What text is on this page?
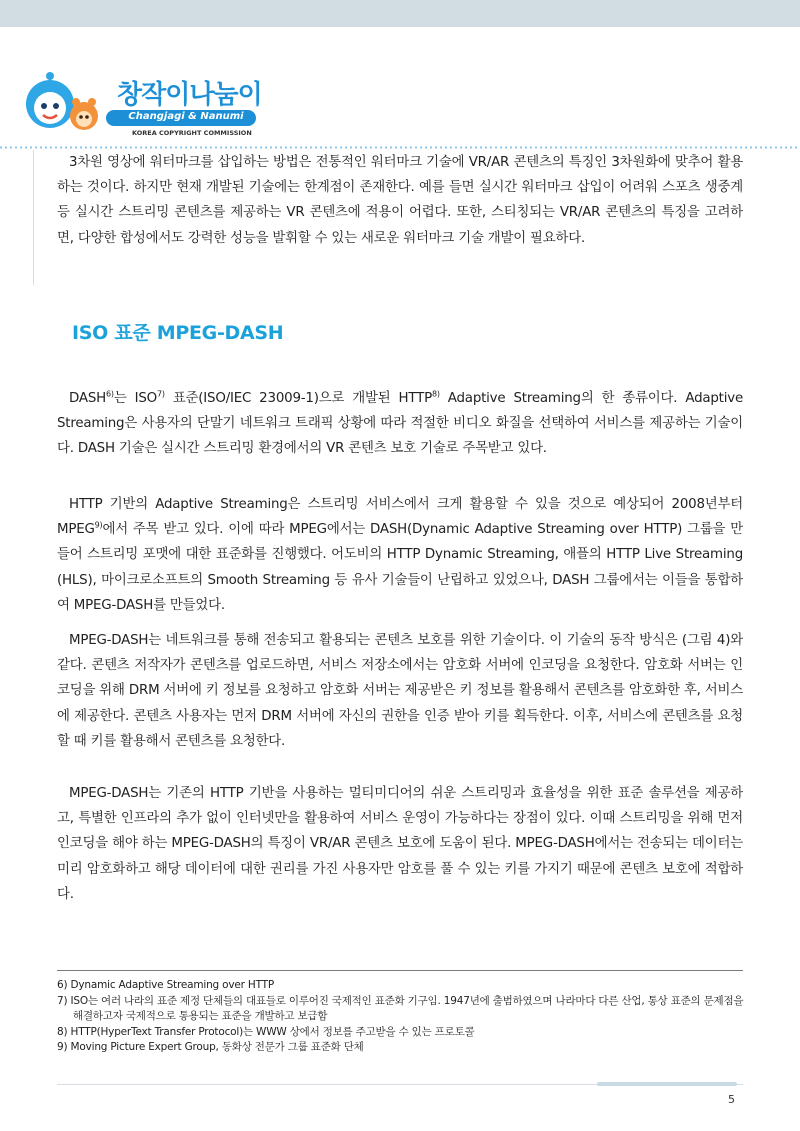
창작이나눔이
Changjagi & Nanumi
KOREA COPYRIGHT COMMISSION

3차원 영상에 워터마크를 삽입하는 방법은 전통적인 워터마크 기술에 VR/AR 콘텐츠의 특징인 3차원화에 맞추어 활용하는 것이다. 하지만 현재 개발된 기술에는 한계점이 존재한다. 예를 들면 실시간 워터마크 삽입이 어려워 스포츠 생중계 등 실시간 스트리밍 콘텐츠를 제공하는 VR 콘텐츠에 적용이 어렵다. 또한, 스티칭되는 VR/AR 콘텐츠의 특징을 고려하면, 다양한 합성에서도 강력한 성능을 발휘할 수 있는 새로운 워터마크 기술 개발이 필요하다.

ISO 표준 MPEG-DASH

DASH$^{6)}$는 ISO$^{7)}$ 표준(ISO/IEC 23009-1)으로 개발된 HTTP$^{8)}$ Adaptive Streaming의 한 종류이다. Adaptive Streaming은 사용자의 단말기 네트워크 트래픽 상황에 따라 적절한 비디오 화질을 선택하여 서비스를 제공하는 기술이다. DASH 기술은 실시간 스트리밍 환경에서의 VR 콘텐츠 보호 기술로 주목받고 있다.

HTTP 기반의 Adaptive Streaming은 스트리밍 서비스에서 크게 활용할 수 있을 것으로 예상되어 2008년부터 MPEG$^{9)}$에서 주목 받고 있다. 이에 따라 MPEG에서는 DASH(Dynamic Adaptive Streaming over HTTP) 그룹을 만들어 스트리밍 포맷에 대한 표준화를 진행했다. 어도비의 HTTP Dynamic Streaming, 애플의 HTTP Live Streaming (HLS), 마이크로소프트의 Smooth Streaming 등 유사 기술들이 난립하고 있었으나, DASH 그룹에서는 이들을 통합하여 MPEG-DASH를 만들었다.

MPEG-DASH는 네트워크를 통해 전송되고 활용되는 콘텐츠 보호를 위한 기술이다. 이 기술의 동작 방식은 (그림 4)와 같다. 콘텐츠 저작자가 콘텐츠를 업로드하면, 서비스 저장소에서는 암호화 서버에 인코딩을 요청한다. 암호화 서버는 인코딩을 위해 DRM 서버에 키 정보를 요청하고 암호화 서버는 제공받은 키 정보를 활용해서 콘텐츠를 암호화한 후, 서비스에 제공한다. 콘텐츠 사용자는 먼저 DRM 서버에 자신의 권한을 인증 받아 키를 획득한다. 이후, 서비스에 콘텐츠를 요청할 때 키를 활용해서 콘텐츠를 요청한다.

MPEG-DASH는 기존의 HTTP 기반을 사용하는 멀티미디어의 쉬운 스트리밍과 효율성을 위한 표준 솔루션을 제공하고, 특별한 인프라의 추가 없이 인터넷만을 활용하여 서비스 운영이 가능하다는 장점이 있다. 이때 스트리밍을 위해 먼저 인코딩을 해야 하는 MPEG-DASH의 특징이 VR/AR 콘텐츠 보호에 도움이 된다. MPEG-DASH에서는 전송되는 데이터는 미리 암호화하고 해당 데이터에 대한 권리를 가진 사용자만 암호를 풀 수 있는 키를 가지기 때문에 콘텐츠 보호에 적합하다.

6) Dynamic Adaptive Streaming over HTTP
7) ISO는 여러 나라의 표준 제정 단체들의 대표들로 이루어진 국제적인 표준화 기구임. 1947년에 출범하였으며 나라마다 다른 산업, 통상 표준의 문제점을 해결하고자 국제적으로 통용되는 표준을 개발하고 보급함
8) HTTP(HyperText Transfer Protocol)는 WWW 상에서 정보를 주고받을 수 있는 프로토콜
9) Moving Picture Expert Group, 동화상 전문가 그룹 표준화 단체
5
